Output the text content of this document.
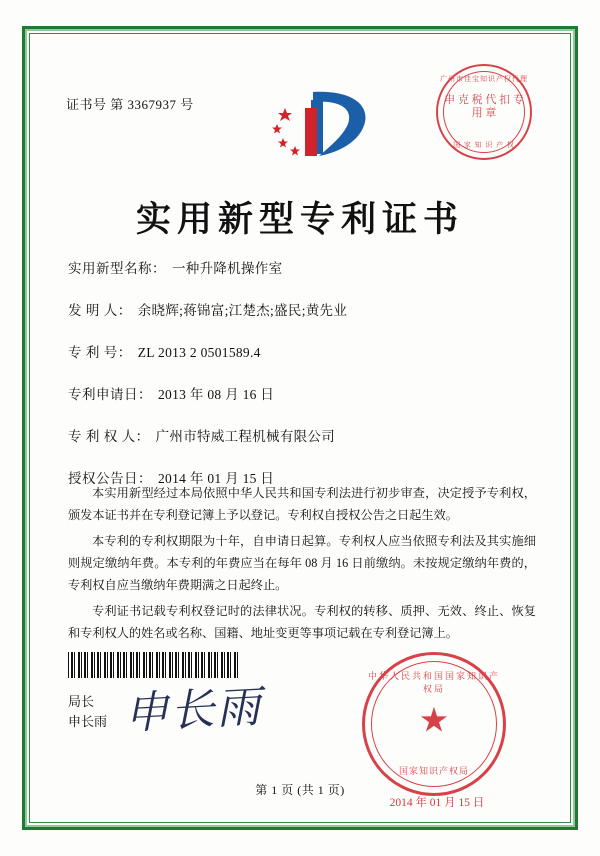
证书号 第 3367937 号
广州市佳宝知识产权代理
申 克 税 代 扣 专 用 章
国 家 知 识 产 权
实用新型专利证书
实用新型名称： 一种升降机操作室
发 明 人： 余晓辉;蒋锦富;江楚杰;盛民;黄先业
专 利 号： ZL 2013 2 0501589.4
专利申请日： 2013 年 08 月 16 日
专 利 权 人： 广州市特威工程机械有限公司
授权公告日： 2014 年 01 月 15 日

本实用新型经过本局依照中华人民共和国专利法进行初步审查，决定授予专利权，颁发本证书并在专利登记簿上予以登记。专利权自授权公告之日起生效。

本专利的专利权期限为十年，自申请日起算。专利权人应当依照专利法及其实施细则规定缴纳年费。本专利的年费应当在每年 08 月 16 日前缴纳。未按规定缴纳年费的，专利权自应当缴纳年费期满之日起终止。

专利证书记载专利权登记时的法律状况。专利权的转移、质押、无效、终止、恢复和专利权人的姓名或名称、国籍、地址变更等事项记载在专利登记簿上。

局长
申长雨 申长雨
中华人民共和国国家知识产权局
★
国家知识产权局
2014 年 01 月 15 日
第 1 页 (共 1 页)
